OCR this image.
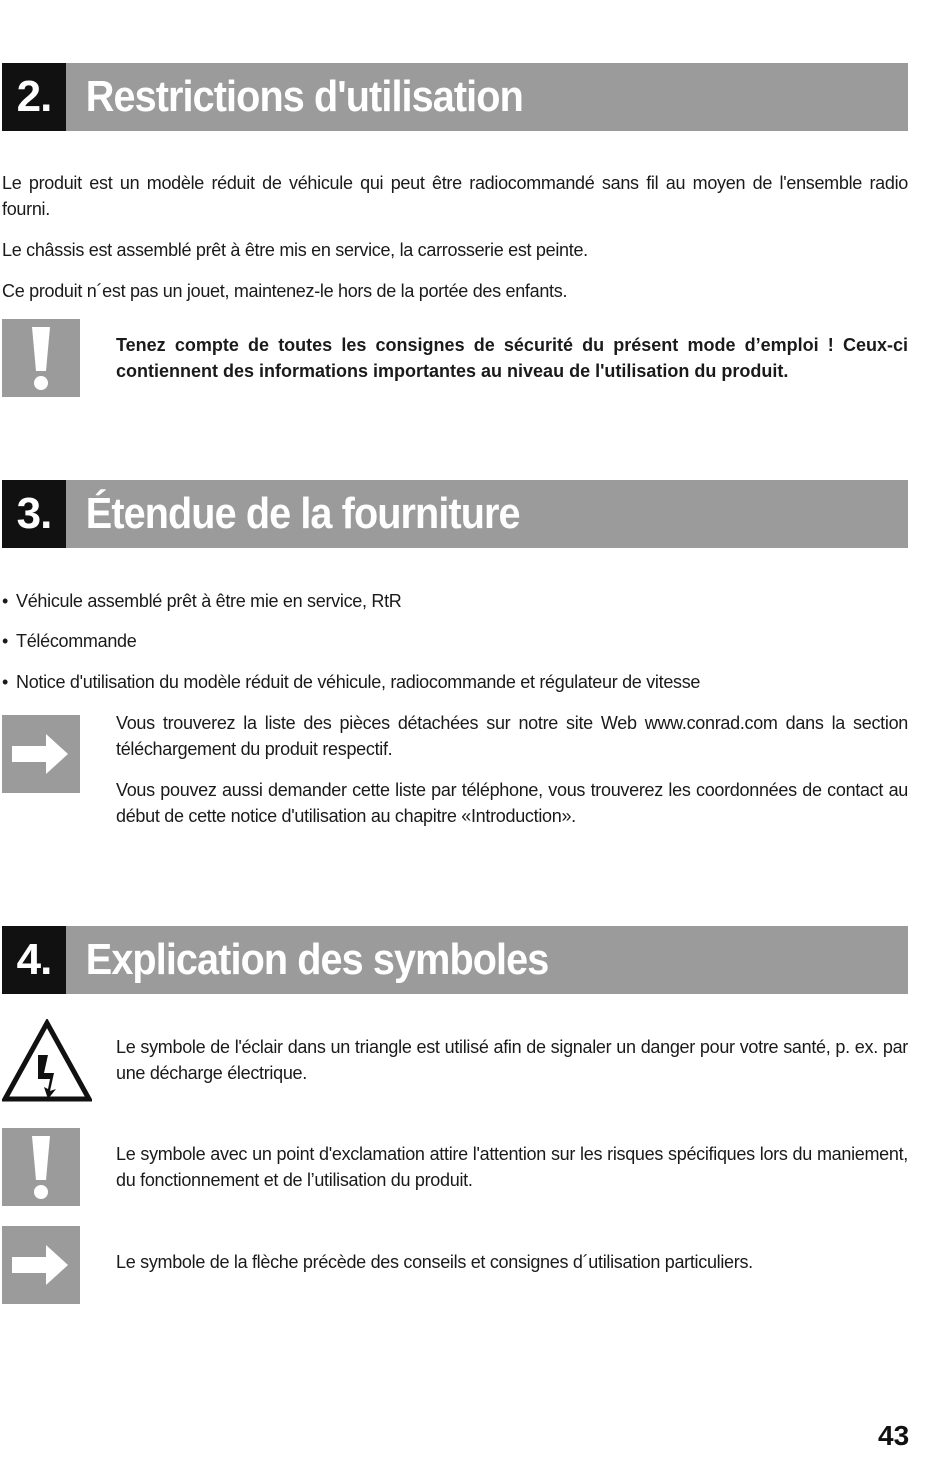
2. Restrictions d'utilisation

Le produit est un modèle réduit de véhicule qui peut être radiocommandé sans fil au moyen de l'ensemble radio fourni.

Le châssis est assemblé prêt à être mis en service, la carrosserie est peinte.

Ce produit n´est pas un jouet, maintenez-le hors de la portée des enfants.

Tenez compte de toutes les consignes de sécurité du présent mode d’emploi ! Ceux-ci contiennent des informations importantes au niveau de l'utilisation du produit.

3. Étendue de la fourniture
• Véhicule assemblé prêt à être mie en service, RtR
• Télécommande
• Notice d'utilisation du modèle réduit de véhicule, radiocommande et régulateur de vitesse

Vous trouverez la liste des pièces détachées sur notre site Web www.conrad.com dans la section téléchargement du produit respectif.

Vous pouvez aussi demander cette liste par téléphone, vous trouverez les coordonnées de contact au début de cette notice d'utilisation au chapitre «Introduction».

4. Explication des symboles

Le symbole de l'éclair dans un triangle est utilisé afin de signaler un danger pour votre santé, p. ex. par une décharge électrique.

Le symbole avec un point d'exclamation attire l'attention sur les risques spécifiques lors du maniement, du fonctionnement et de l’utilisation du produit.

Le symbole de la flèche précède des conseils et consignes d´utilisation particuliers.

43
